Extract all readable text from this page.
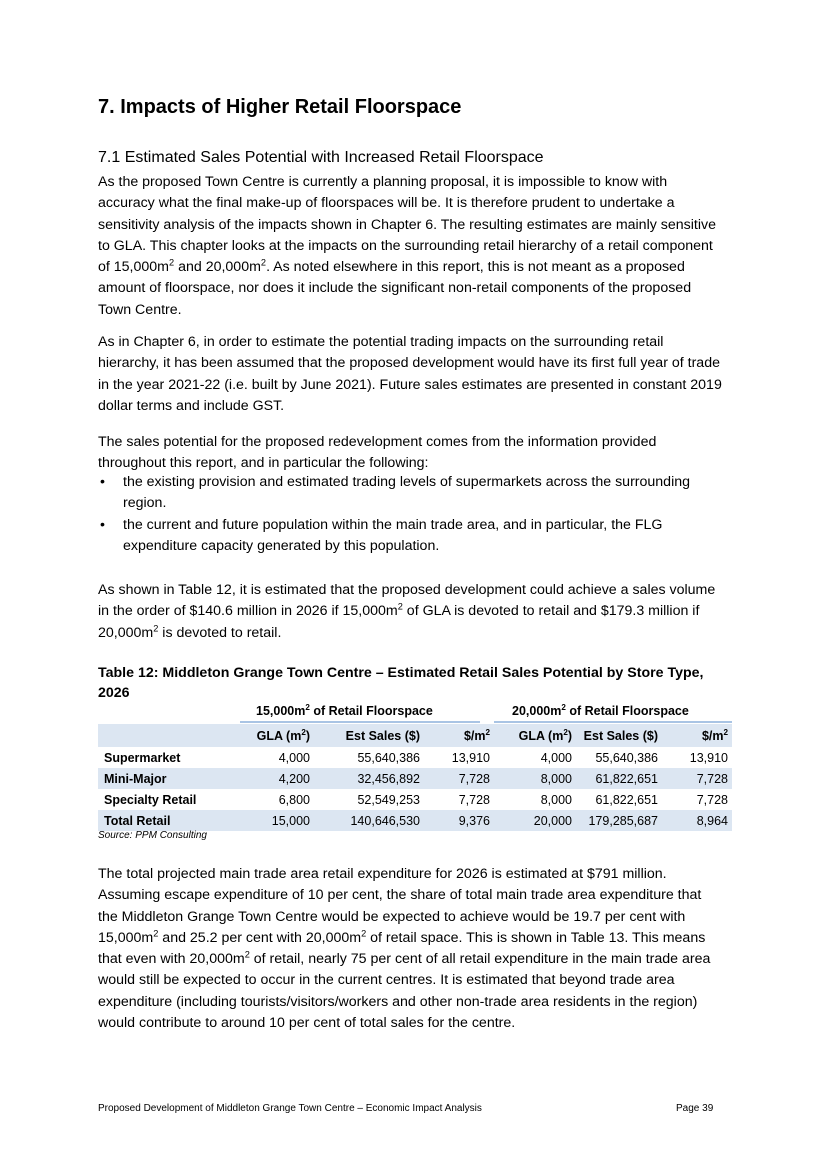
7. Impacts of Higher Retail Floorspace
7.1 Estimated Sales Potential with Increased Retail Floorspace

As the proposed Town Centre is currently a planning proposal, it is impossible to know with accuracy what the final make-up of floorspaces will be. It is therefore prudent to undertake a sensitivity analysis of the impacts shown in Chapter 6. The resulting estimates are mainly sensitive to GLA. This chapter looks at the impacts on the surrounding retail hierarchy of a retail component of $15,000m^2$ and $20,000m^2$. As noted elsewhere in this report, this is not meant as a proposed amount of floorspace, nor does it include the significant non-retail components of the proposed Town Centre.

As in Chapter 6, in order to estimate the potential trading impacts on the surrounding retail hierarchy, it has been assumed that the proposed development would have its first full year of trade in the year 2021-22 (i.e. built by June 2021). Future sales estimates are presented in constant 2019 dollar terms and include GST.

The sales potential for the proposed redevelopment comes from the information provided throughout this report, and in particular the following:

• the existing provision and estimated trading levels of supermarkets across the surrounding region.
• the current and future population within the main trade area, and in particular, the FLG expenditure capacity generated by this population.

As shown in Table 12, it is estimated that the proposed development could achieve a sales volume in the order of $140.6 million in 2026 if $15,000m^2$ of GLA is devoted to retail and $179.3 million if $20,000m^2$ is devoted to retail.

Table 12: Middleton Grange Town Centre – Estimated Retail Sales Potential by Store Type, 2026

$15,000m^2$ of Retail Floorspace	$20,000m^2$ of Retail Floorspace
	GLA $(m^2)$	Est Sales ($)	$\$/m^2$	GLA $(m^2)$	Est Sales ($)	$\$/m^2$
Supermarket	4,000	55,640,386	13,910	4,000	55,640,386	13,910
Mini-Major	4,200	32,456,892	7,728	8,000	61,822,651	7,728
Specialty Retail	6,800	52,549,253	7,728	8,000	61,822,651	7,728
Total Retail	15,000	140,646,530	9,376	20,000	179,285,687	8,964
Source: PPM Consulting

The total projected main trade area retail expenditure for 2026 is estimated at $791 million. Assuming escape expenditure of 10 per cent, the share of total main trade area expenditure that the Middleton Grange Town Centre would be expected to achieve would be 19.7 per cent with $15,000m^2$ and 25.2 per cent with $20,000m^2$ of retail space. This is shown in Table 13. This means that even with $20,000m^2$ of retail, nearly 75 per cent of all retail expenditure in the main trade area would still be expected to occur in the current centres. It is estimated that beyond trade area expenditure (including tourists/visitors/workers and other non-trade area residents in the region) would contribute to around 10 per cent of total sales for the centre.

Proposed Development of Middleton Grange Town Centre – Economic Impact Analysis	Page 39
